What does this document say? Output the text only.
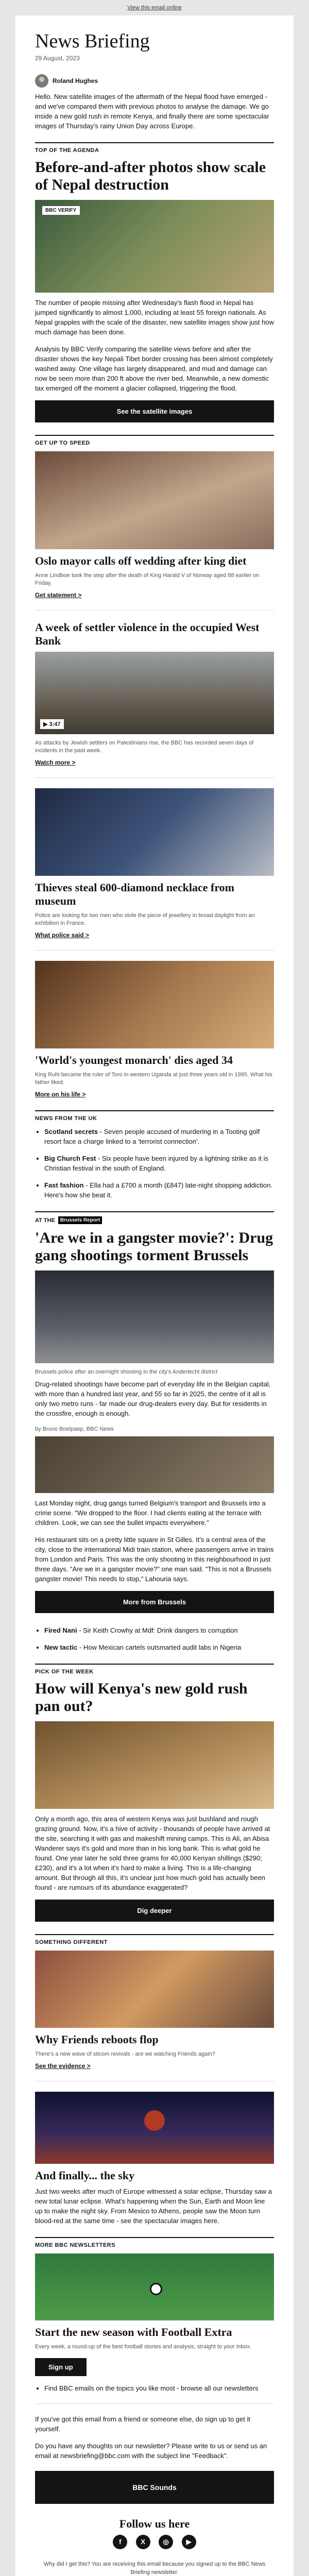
View this email online
News Briefing
29 August, 2023
Roland Hughes

Hello. New satellite images of the aftermath of the Nepal flood have emerged - and we've compared them with previous photos to analyse the damage. We go inside a new gold rush in remote Kenya, and finally there are some spectacular images of Thursday's rainy Union Day across Europe.

TOP OF THE AGENDA
Before-and-after photos show scale of Nepal destruction
BBC VERIFY

The number of people missing after Wednesday's flash flood in Nepal has jumped significantly to almost 1,000, including at least 55 foreign nationals. As Nepal grapples with the scale of the disaster, new satellite images show just how much damage has been done.

Analysis by BBC Verify comparing the satellite views before and after the disaster shows the key Nepali Tibet border crossing has been almost completely washed away. One village has largely disappeared, and mud and damage can now be seen more than 200 ft above the river bed. Meanwhile, a new domestic tax emerged off the moment a glacier collapsed, triggering the flood.

See the satellite images
GET UP TO SPEED
Oslo mayor calls off wedding after king diet

Anne Lindboe took the step after the death of King Harald V of Norway aged 88 earlier on Friday.

Get statement >
A week of settler violence in the occupied West Bank
▶ 3:47

As attacks by Jewish settlers on Palestinians rise, the BBC has recorded seven days of incidents in the past week.

Watch more >
Thieves steal 600-diamond necklace from museum

Police are looking for two men who stole the piece of jewellery in broad daylight from an exhibition in France.

What police said >
'World's youngest monarch' dies aged 34

King Ruhi became the ruler of Toro in western Uganda at just three years old in 1995. What his father liked.

More on his life >
NEWS FROM THE UK
• Scotland secrets - Seven people accused of murdering in a Tooting golf resort face a charge linked to a 'terrorist connection'.
• Big Church Fest - Six people have been injured by a lightning strike as it is Christian festival in the south of England.
• Fast fashion - Ella had a £700 a month (£847) late-night shopping addiction. Here's how she beat it.
AT THE	Brussels Report
'Are we in a gangster movie?': Drug gang shootings torment Brussels

Brussels police after an overnight shooting in the city's Anderlecht district

Drug-related shootings have become part of everyday life in the Belgian capital, with more than a hundred last year, and 55 so far in 2025, the centre of it all is only two metro runs - far made our drug-dealers every day. But for residents in the crossfire, enough is enough.

by Bruno Boelpaep, BBC News

Last Monday night, drug gangs turned Belgium's transport and Brussels into a crime scene. "We dropped to the floor. I had clients eating at the terrace with children. Look, we can see the bullet impacts everywhere."

His restaurant sits on a pretty little square in St Gilles. It's a central area of the city, close to the international Midi train station, where passengers arrive in trains from London and Paris. This was the only shooting in this neighbourhood in just three days. "Are we in a gangster movie?" one man said. "This is not a Brussels gangster movie! This needs to stop," Lahouria says.

More from Brussels
• Fired Nani - Sir Keith Crowhy at Mdf: Drink dangers to corruption
• New tactic - How Mexican cartels outsmarted audit labs in Nigeria
PICK OF THE WEEK
How will Kenya's new gold rush pan out?

Only a month ago, this area of western Kenya was just bushland and rough grazing ground. Now, it's a hive of activity - thousands of people have arrived at the site, searching it with gas and makeshift mining camps. This is Ali, an Abisa Wanderer says it's gold and more than in his long bank. This is what gold he found. One year later he sold three grams for 40,000 Kenyan shillings ($290; £230), and it's a lot when it's hard to make a living. This is a life-changing amount. But through all this, it's unclear just how much gold has actually been found - are rumours of its abundance exaggerated?

Dig deeper
SOMETHING DIFFERENT
Why Friends reboots flop

There's a new wave of sitcom revivals - are we watching Friends again?

See the evidence >
And finally... the sky

Just two weeks after much of Europe witnessed a solar eclipse, Thursday saw a new total lunar eclipse. What's happening when the Sun, Earth and Moon line up to make the night sky. From Mexico to Athens, people saw the Moon turn blood-red at the same time - see the spectacular images here.

MORE BBC NEWSLETTERS
Start the new season with Football Extra

Every week, a round-up of the best football stories and analysis, straight to your inbox.

Sign up
• Find BBC emails on the topics you like most - browse all our newsletters

If you've got this email from a friend or someone else, do sign up to get it yourself.

Do you have any thoughts on our newsletter? Please write to us or send us an email at newsbriefing@bbc.com with the subject line "Feedback".

BBC Sounds
Follow us here
f	X	◎	▶

Why did I get this? You are receiving this email because you signed up to the BBC News Briefing newsletter.
